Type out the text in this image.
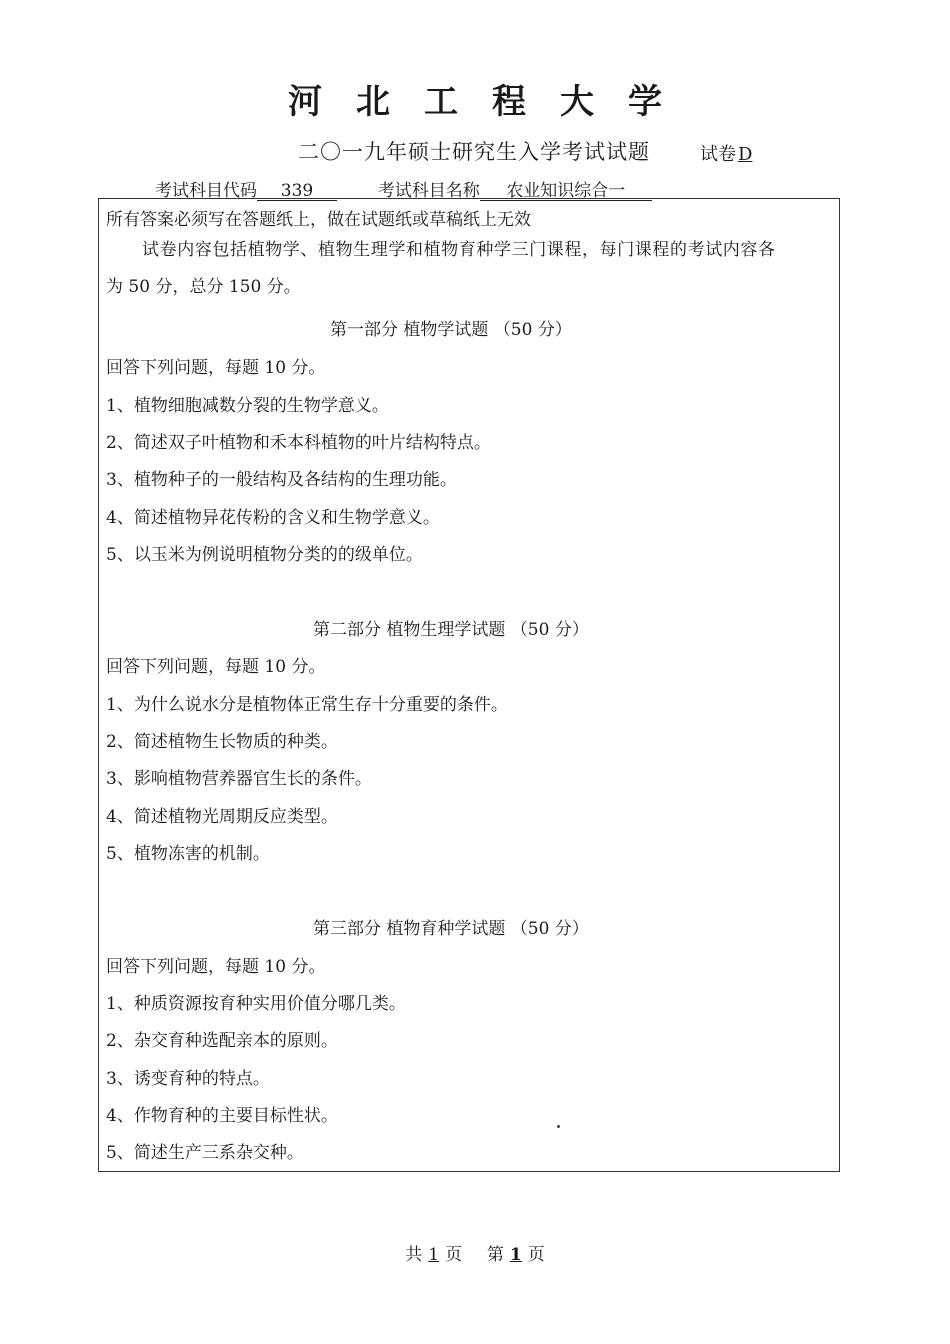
河北工程大学
二〇一九年硕士研究生入学考试试题	试卷 D
考试科目代码 339	考试科目名称 农业知识综合一
所有答案必须写在答题纸上，做在试题纸或草稿纸上无效
试卷内容包括植物学、植物生理学和植物育种学三门课程，每门课程的考试内容各
为 50 分，总分 150 分。
第一部分 植物学试题 （50 分）
回答下列问题，每题 10 分。
1、植物细胞减数分裂的生物学意义。
2、简述双子叶植物和禾本科植物的叶片结构特点。
3、植物种子的一般结构及各结构的生理功能。
4、简述植物异花传粉的含义和生物学意义。
5、以玉米为例说明植物分类的的级单位。
第二部分 植物生理学试题 （50 分）
回答下列问题，每题 10 分。
1、为什么说水分是植物体正常生存十分重要的条件。
2、简述植物生长物质的种类。
3、影响植物营养器官生长的条件。
4、简述植物光周期反应类型。
5、植物冻害的机制。
第三部分 植物育种学试题 （50 分）
回答下列问题，每题 10 分。
1、种质资源按育种实用价值分哪几类。
2、杂交育种选配亲本的原则。
3、诱变育种的特点。
4、作物育种的主要目标性状。
5、简述生产三系杂交种。
共 1 页 第 1 页
